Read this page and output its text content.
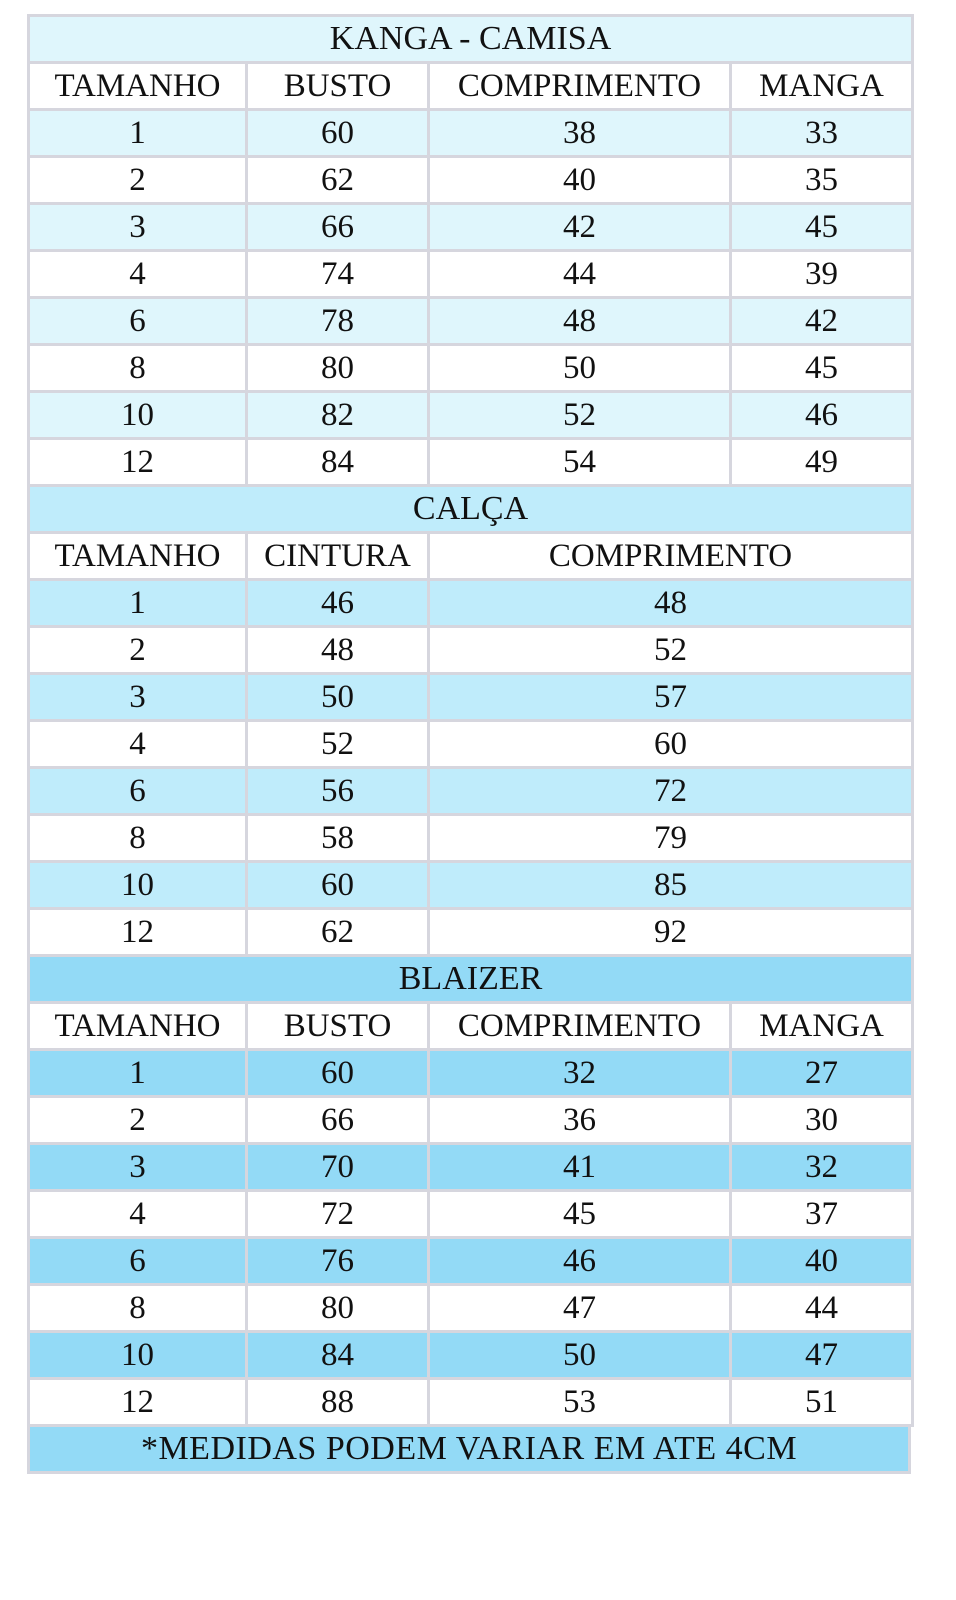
KANGA - CAMISA			
TAMANHO	BUSTO	COMPRIMENTO	MANGA
1	60	38	33
2	62	40	35
3	66	42	45
4	74	44	39
6	78	48	42
8	80	50	45
10	82	52	46
12	84	54	49
CALÇA		
TAMANHO	CINTURA	COMPRIMENTO
1	46	48
2	48	52
3	50	57
4	52	60
6	56	72
8	58	79
10	60	85
12	62	92
BLAIZER			
TAMANHO	BUSTO	COMPRIMENTO	MANGA
1	60	32	27
2	66	36	30
3	70	41	32
4	72	45	37
6	76	46	40
8	80	47	44
10	84	50	47
12	88	53	51
*MEDIDAS PODEM VARIAR EM ATE 4CM
